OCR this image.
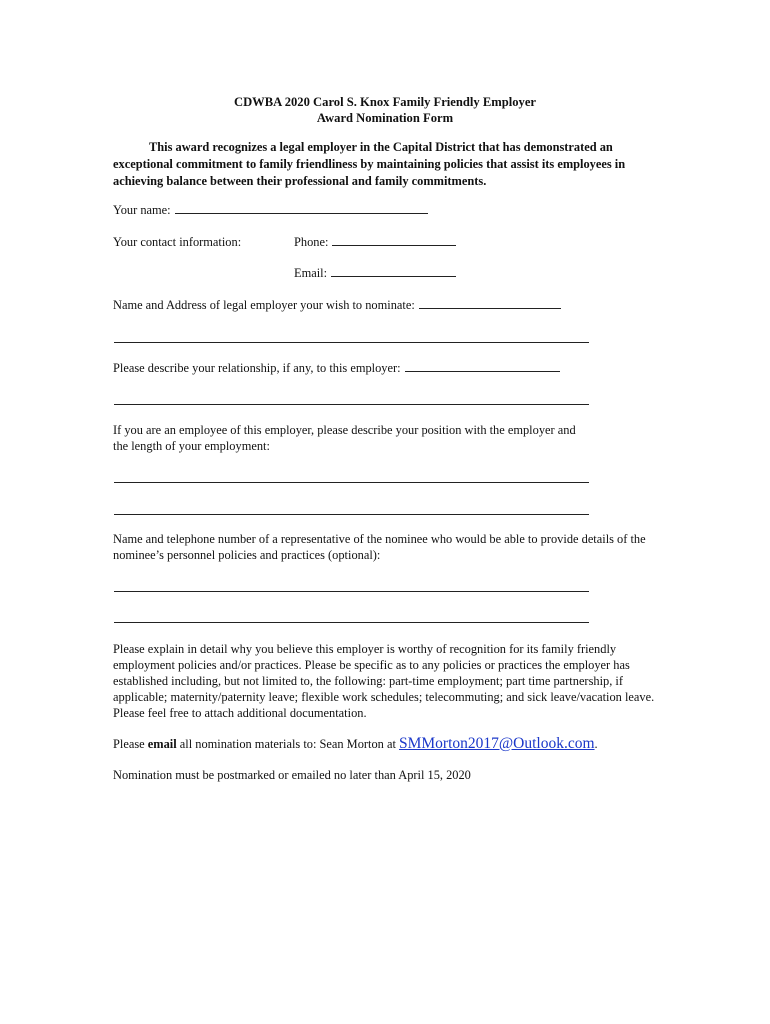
CDWBA 2020 Carol S. Knox Family Friendly Employer
Award Nomination Form
This award recognizes a legal employer in the Capital District that has demonstrated an exceptional commitment to family friendliness by maintaining policies that assist its employees in achieving balance between their professional and family commitments.
Your name:
Your contact information:	Phone:
Email:
Name and Address of legal employer your wish to nominate:
Please describe your relationship, if any, to this employer:
If you are an employee of this employer, please describe your position with the employer and the length of your employment:
Name and telephone number of a representative of the nominee who would be able to provide details of the nominee’s personnel policies and practices (optional):
Please explain in detail why you believe this employer is worthy of recognition for its family friendly employment policies and/or practices. Please be specific as to any policies or practices the employer has established including, but not limited to, the following: part-time employment; part time partnership, if applicable; maternity/paternity leave; flexible work schedules; telecommuting; and sick leave/vacation leave. Please feel free to attach additional documentation.
Please email all nomination materials to: Sean Morton at SMMorton2017@Outlook.com.
Nomination must be postmarked or emailed no later than April 15, 2020
